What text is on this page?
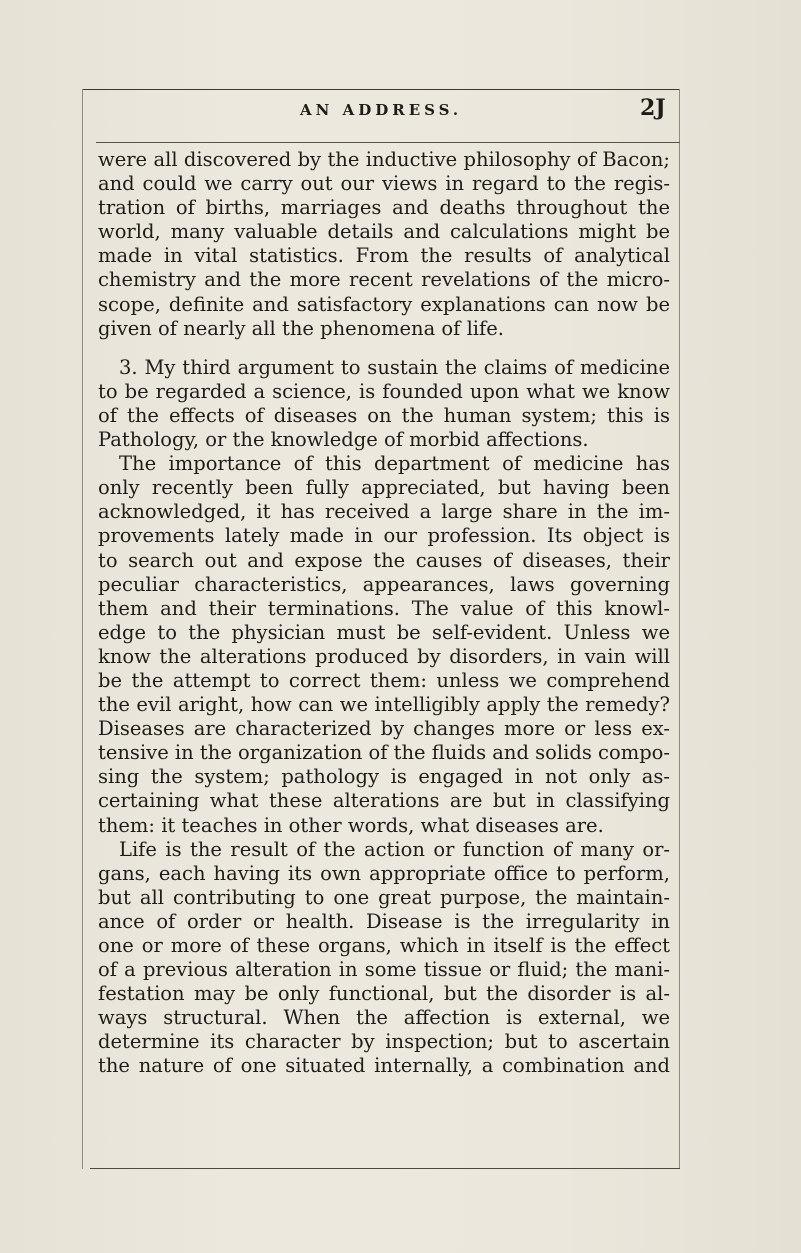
AN ADDRESS.	2J
were all discovered by the inductive philosophy of Bacon;
and could we carry out our views in regard to the regis-
tration of births, marriages and deaths throughout the
world, many valuable details and calculations might be
made in vital statistics. From the results of analytical
chemistry and the more recent revelations of the micro-
scope, definite and satisfactory explanations can now be
given of nearly all the phenomena of life.
3. My third argument to sustain the claims of medicine
to be regarded a science, is founded upon what we know
of the effects of diseases on the human system; this is
Pathology, or the knowledge of morbid affections.
The importance of this department of medicine has
only recently been fully appreciated, but having been
acknowledged, it has received a large share in the im-
provements lately made in our profession. Its object is
to search out and expose the causes of diseases, their
peculiar characteristics, appearances, laws governing
them and their terminations. The value of this knowl-
edge to the physician must be self-evident. Unless we
know the alterations produced by disorders, in vain will
be the attempt to correct them: unless we comprehend
the evil aright, how can we intelligibly apply the remedy?
Diseases are characterized by changes more or less ex-
tensive in the organization of the fluids and solids compo-
sing the system; pathology is engaged in not only as-
certaining what these alterations are but in classifying
them: it teaches in other words, what diseases are.
Life is the result of the action or function of many or-
gans, each having its own appropriate office to perform,
but all contributing to one great purpose, the maintain-
ance of order or health. Disease is the irregularity in
one or more of these organs, which in itself is the effect
of a previous alteration in some tissue or fluid; the mani-
festation may be only functional, but the disorder is al-
ways structural. When the affection is external, we
determine its character by inspection; but to ascertain
the nature of one situated internally, a combination and
